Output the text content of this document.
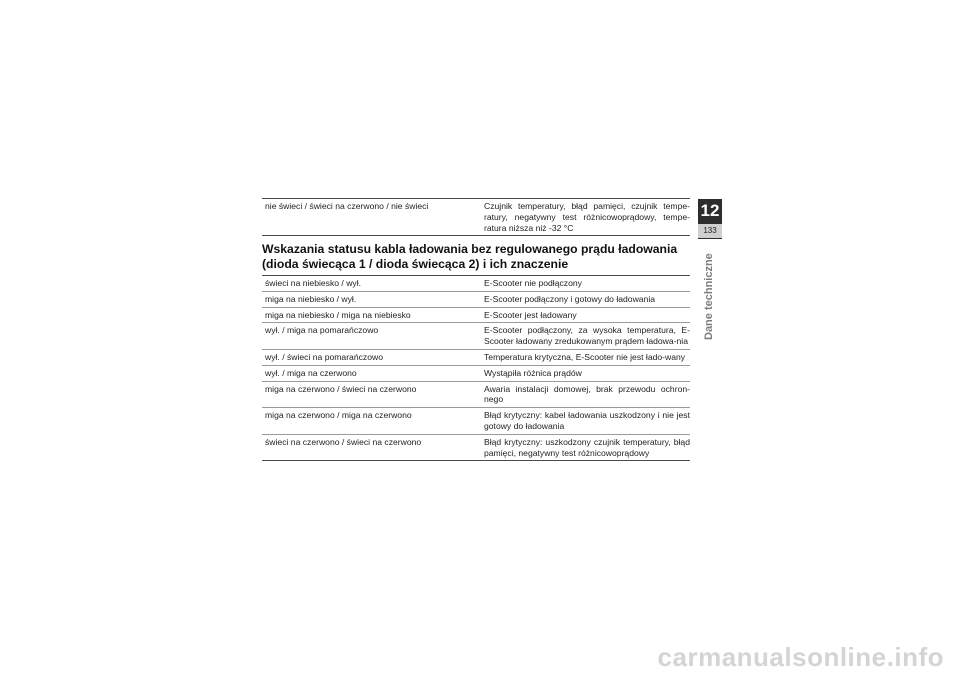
nie świeci / świeci na czerwono / nie świeci	Czujnik temperatury, błąd pamięci, czujnik tempe-ratury, negatywny test różnicowoprądowy, tempe-ratura niższa niż -32 °C
Wskazania statusu kabla ładowania bez regulowanego prądu ładowania (dioda świecąca 1 / dioda świecąca 2) i ich znaczenie
świeci na niebiesko / wył.	E-Scooter nie podłączony
miga na niebiesko / wył.	E-Scooter podłączony i gotowy do ładowania
miga na niebiesko / miga na niebiesko	E-Scooter jest ładowany
wył. / miga na pomarańczowo	E-Scooter podłączony, za wysoka temperatura, E-Scooter ładowany zredukowanym prądem ładowa-nia
wył. / świeci na pomarańczowo	Temperatura krytyczna, E-Scooter nie jest łado-wany
wył. / miga na czerwono	Wystąpiła różnica prądów
miga na czerwono / świeci na czerwono	Awaria instalacji domowej, brak przewodu ochron-nego
miga na czerwono / miga na czerwono	Błąd krytyczny: kabel ładowania uszkodzony i nie jest gotowy do ładowania
świeci na czerwono / świeci na czerwono	Błąd krytyczny: uszkodzony czujnik temperatury, błąd pamięci, negatywny test różnicowoprądowy
12
133
Dane techniczne
carmanualsonline.info
